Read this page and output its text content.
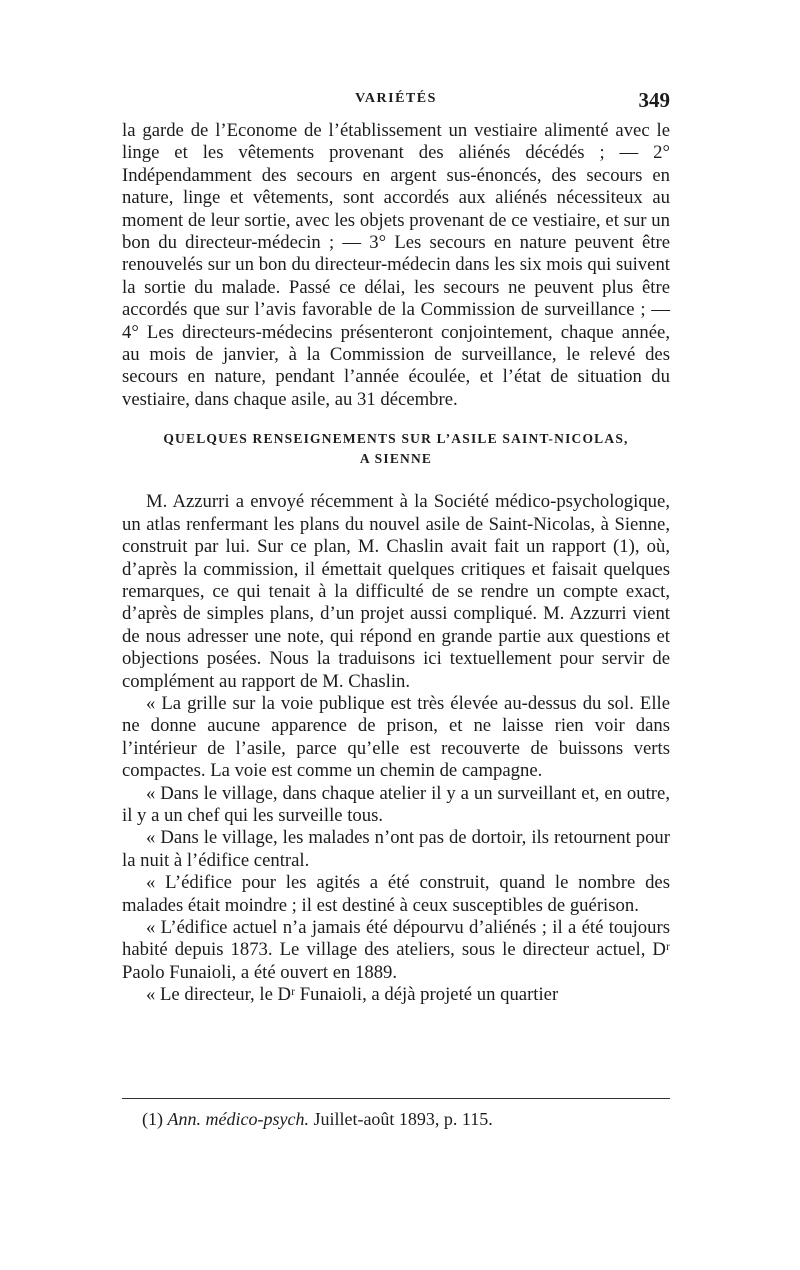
VARIÉTÉS	349

la garde de l’Econome de l’établissement un vestiaire alimenté avec le linge et les vêtements provenant des aliénés décédés ; — 2° Indépendamment des secours en argent sus-énoncés, des secours en nature, linge et vêtements, sont accordés aux aliénés nécessiteux au moment de leur sortie, avec les objets provenant de ce vestiaire, et sur un bon du directeur-médecin ; — 3° Les secours en nature peuvent être renouvelés sur un bon du directeur-médecin dans les six mois qui suivent la sortie du malade. Passé ce délai, les secours ne peuvent plus être accordés que sur l’avis favorable de la Commission de surveillance ; — 4° Les directeurs-médecins présenteront conjointement, chaque année, au mois de janvier, à la Commission de surveillance, le relevé des secours en nature, pendant l’année écoulée, et l’état de situation du vestiaire, dans chaque asile, au 31 décembre.

QUELQUES RENSEIGNEMENTS SUR L’ASILE SAINT-NICOLAS,
A SIENNE

M. Azzurri a envoyé récemment à la Société médico-psychologique, un atlas renfermant les plans du nouvel asile de Saint-Nicolas, à Sienne, construit par lui. Sur ce plan, M. Chaslin avait fait un rapport (1), où, d’après la commission, il émettait quelques critiques et faisait quelques remarques, ce qui tenait à la difficulté de se rendre un compte exact, d’après de simples plans, d’un projet aussi compliqué. M. Azzurri vient de nous adresser une note, qui répond en grande partie aux questions et objections posées. Nous la traduisons ici textuellement pour servir de complément au rapport de M. Chaslin.

« La grille sur la voie publique est très élevée au-dessus du sol. Elle ne donne aucune apparence de prison, et ne laisse rien voir dans l’intérieur de l’asile, parce qu’elle est recouverte de buissons verts compactes. La voie est comme un chemin de campagne.

« Dans le village, dans chaque atelier il y a un surveillant et, en outre, il y a un chef qui les surveille tous.

« Dans le village, les malades n’ont pas de dortoir, ils retournent pour la nuit à l’édifice central.

« L’édifice pour les agités a été construit, quand le nombre des malades était moindre ; il est destiné à ceux susceptibles de guérison.

« L’édifice actuel n’a jamais été dépourvu d’aliénés ; il a été toujours habité depuis 1873. Le village des ateliers, sous le directeur actuel, Dʳ Paolo Funaioli, a été ouvert en 1889.

« Le directeur, le Dʳ Funaioli, a déjà projeté un quartier

(1) Ann. médico-psych. Juillet-août 1893, p. 115.
